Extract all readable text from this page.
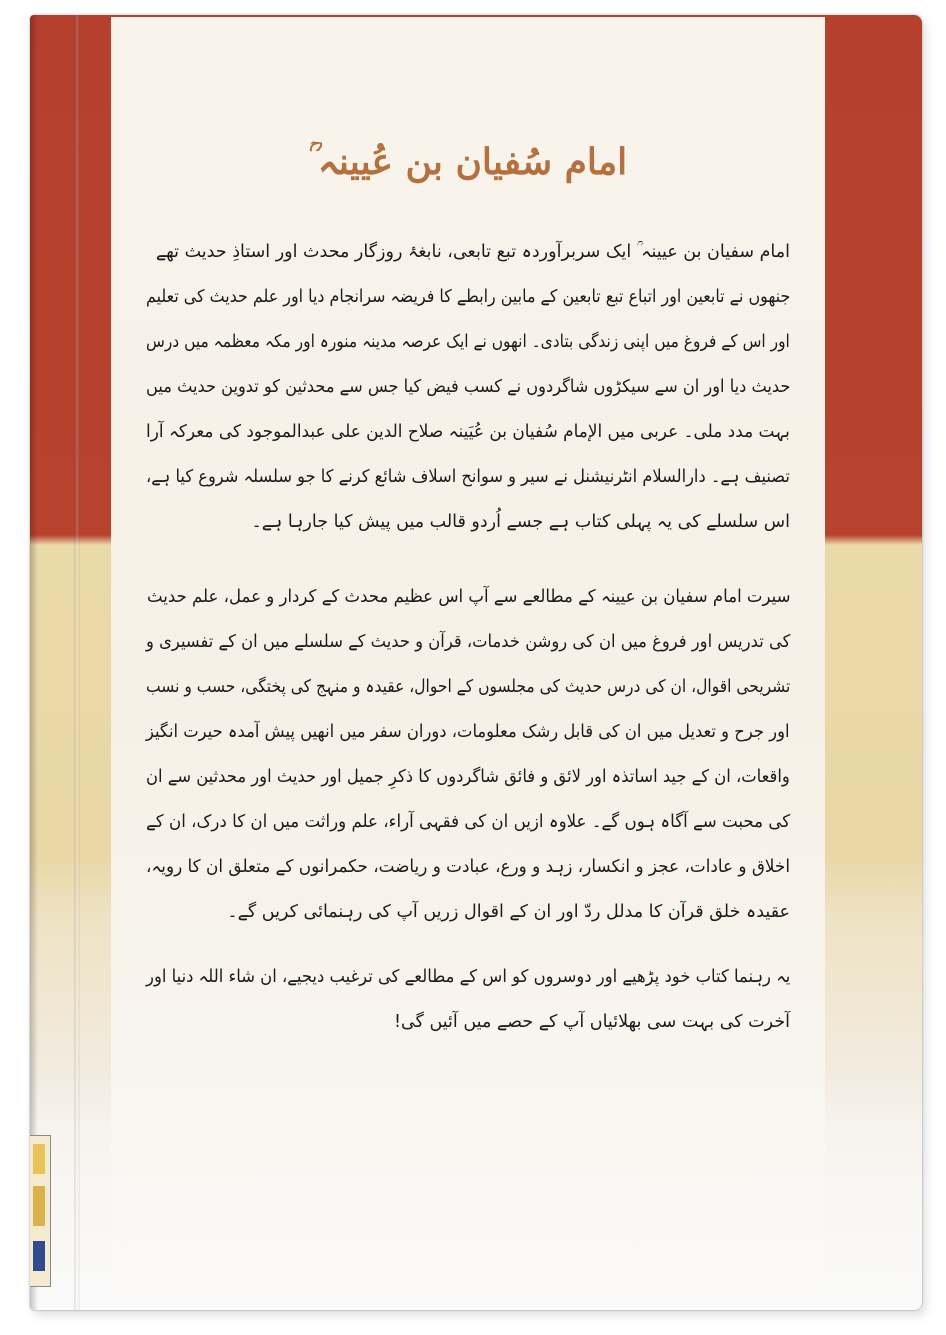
امام سُفیان بن عُیینہ ؒ
امام سفیان بن عیینہ ؒ ایک سربرآوردہ تبع تابعی، نابغۂ روزگار محدث اور استاذِ حدیث تھے
جنھوں نے تابعین اور اتباع تبع تابعین کے مابین رابطے کا فریضہ سرانجام دیا اور علم حدیث کی تعلیم
اور اس کے فروغ میں اپنی زندگی بتادی۔ انھوں نے ایک عرصہ مدینہ منورہ اور مکہ معظمہ میں درس
حدیث دیا اور ان سے سیکڑوں شاگردوں نے کسب فیض کیا جس سے محدثین کو تدوین حدیث میں
بہت مدد ملی۔ عربی میں الإمام سُفیان بن عُیَینہ صلاح الدین علی عبدالموجود کی معرکہ آرا
تصنیف ہے۔ دارالسلام انٹرنیشنل نے سیر و سوانح اسلاف شائع کرنے کا جو سلسلہ شروع کیا ہے،
اس سلسلے کی یہ پہلی کتاب ہے جسے اُردو قالب میں پیش کیا جارہا ہے۔
سیرت امام سفیان بن عیینہ کے مطالعے سے آپ اس عظیم محدث کے کردار و عمل، علم حدیث
کی تدریس اور فروغ میں ان کی روشن خدمات، قرآن و حدیث کے سلسلے میں ان کے تفسیری و
تشریحی اقوال، ان کی درس حدیث کی مجلسوں کے احوال، عقیدہ و منہج کی پختگی، حسب و نسب
اور جرح و تعدیل میں ان کی قابل رشک معلومات، دوران سفر میں انھیں پیش آمدہ حیرت انگیز
واقعات، ان کے جید اساتذہ اور لائق و فائق شاگردوں کا ذکرِ جمیل اور حدیث اور محدثین سے ان
کی محبت سے آگاہ ہوں گے۔ علاوہ ازیں ان کی فقہی آراء، علم وراثت میں ان کا درک، ان کے
اخلاق و عادات، عجز و انکسار، زہد و ورع، عبادت و ریاضت، حکمرانوں کے متعلق ان کا رویہ،
عقیدہ خلق قرآن کا مدلل ردّ اور ان کے اقوال زریں آپ کی رہنمائی کریں گے۔
یہ رہنما کتاب خود پڑھیے اور دوسروں کو اس کے مطالعے کی ترغیب دیجیے، ان شاء اللہ دنیا اور
آخرت کی بہت سی بھلائیاں آپ کے حصے میں آئیں گی!
